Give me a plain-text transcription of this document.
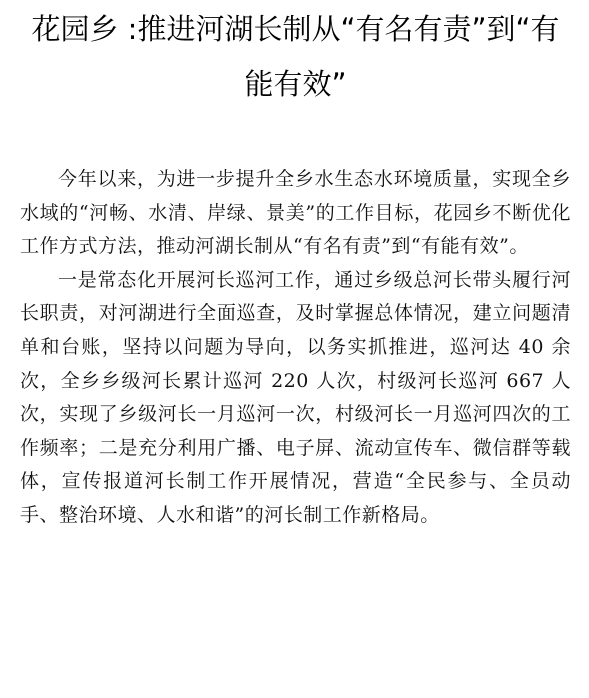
花园乡 :推进河湖长制从“有名有责”到“有
能有效”

今年以来，为进一步提升全乡水生态水环境质量，实现全乡水域的“河畅、水清、岸绿、景美”的工作目标，花园乡不断优化工作方式方法，推动河湖长制从“有名有责”到“有能有效”。

一是常态化开展河长巡河工作，通过乡级总河长带头履行河长职责，对河湖进行全面巡查，及时掌握总体情况，建立问题清单和台账，坚持以问题为导向，以务实抓推进，巡河达 40 余次，全乡乡级河长累计巡河 220 人次，村级河长巡河 667 人次，实现了乡级河长一月巡河一次，村级河长一月巡河四次的工作频率；二是充分利用广播、电子屏、流动宣传车、微信群等载体，宣传报道河长制工作开展情况，营造“全民参与、全员动手、整治环境、人水和谐”的河长制工作新格局。
